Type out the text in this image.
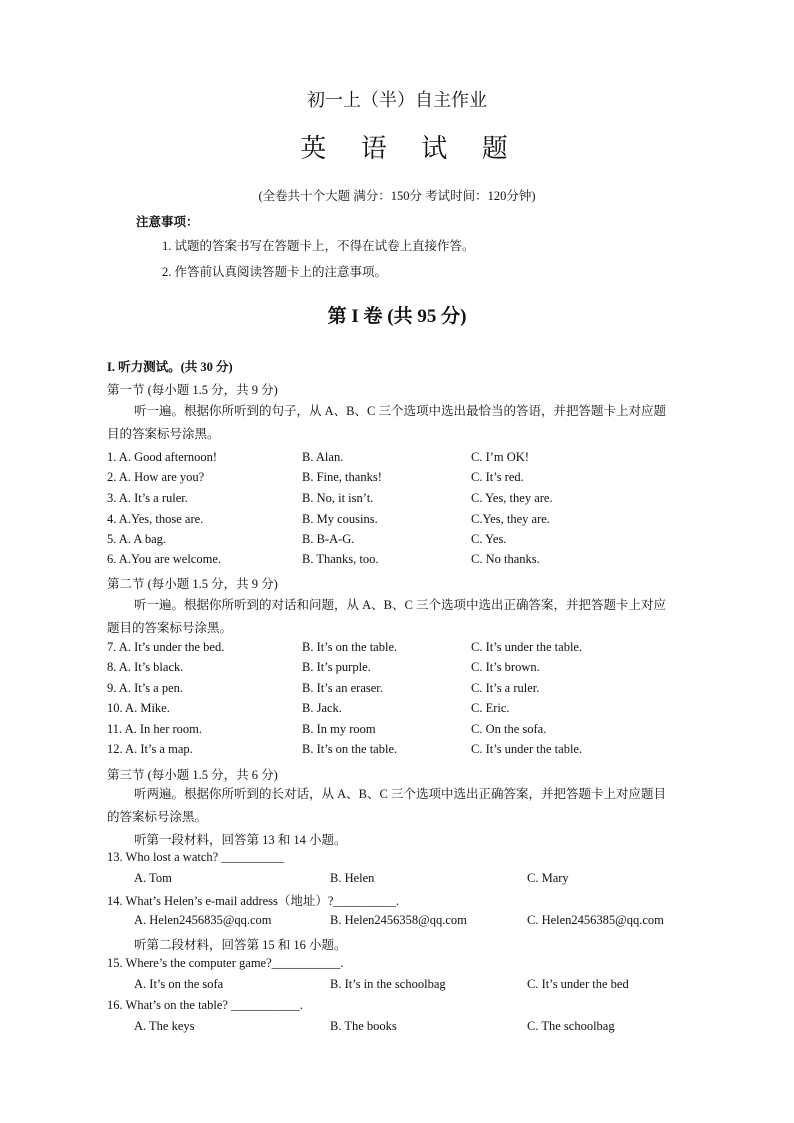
初一上（半）自主作业
英 语 试 题
(全卷共十个大题 满分：150分 考试时间：120分钟)
注意事项：
1. 试题的答案书写在答题卡上，不得在试卷上直接作答。
2. 作答前认真阅读答题卡上的注意事项。
第 I 卷 (共 95 分)
I. 听力测试。(共 30 分)
第一节 (每小题 1.5 分，共 9 分)
听一遍。根据你所听到的句子，从 A、B、C 三个选项中选出最恰当的答语，并把答题卡上对应题目的答案标号涂黑。
1. A. Good afternoon!	B. Alan.	C. I’m OK!
2. A. How are you?	B. Fine, thanks!	C. It’s red.
3. A. It’s a ruler.	B. No, it isn’t.	C. Yes, they are.
4. A.Yes, those are.	B. My cousins.	C.Yes, they are.
5. A. A bag.	B. B-A-G.	C. Yes.
6. A.You are welcome.	B. Thanks, too.	C. No thanks.
第二节 (每小题 1.5 分，共 9 分)
听一遍。根据你所听到的对话和问题，从 A、B、C 三个选项中选出正确答案，并把答题卡上对应题目的答案标号涂黑。
7. A. It’s under the bed.	B. It’s on the table.	C. It’s under the table.
8. A. It’s black.	B. It’s purple.	C. It’s brown.
9. A. It’s a pen.	B. It’s an eraser.	C. It’s a ruler.
10. A. Mike.	B. Jack.	C. Eric.
11. A. In her room.	B. In my room	C. On the sofa.
12. A. It’s a map.	B. It’s on the table.	C. It’s under the table.
第三节 (每小题 1.5 分，共 6 分)
听两遍。根据你所听到的长对话，从 A、B、C 三个选项中选出正确答案，并把答题卡上对应题目的答案标号涂黑。
听第一段材料，回答第 13 和 14 小题。
13. Who lost a watch? __________
A. Tom	B. Helen	C. Mary
14. What’s Helen’s e-mail address（地址）?__________.
A. Helen2456835@qq.com	B. Helen2456358@qq.com	C. Helen2456385@qq.com
听第二段材料，回答第 15 和 16 小题。
15. Where’s the computer game?___________.
A. It’s on the sofa	B. It’s in the schoolbag	C. It’s under the bed
16. What’s on the table? ___________.
A. The keys	B. The books	C. The schoolbag
